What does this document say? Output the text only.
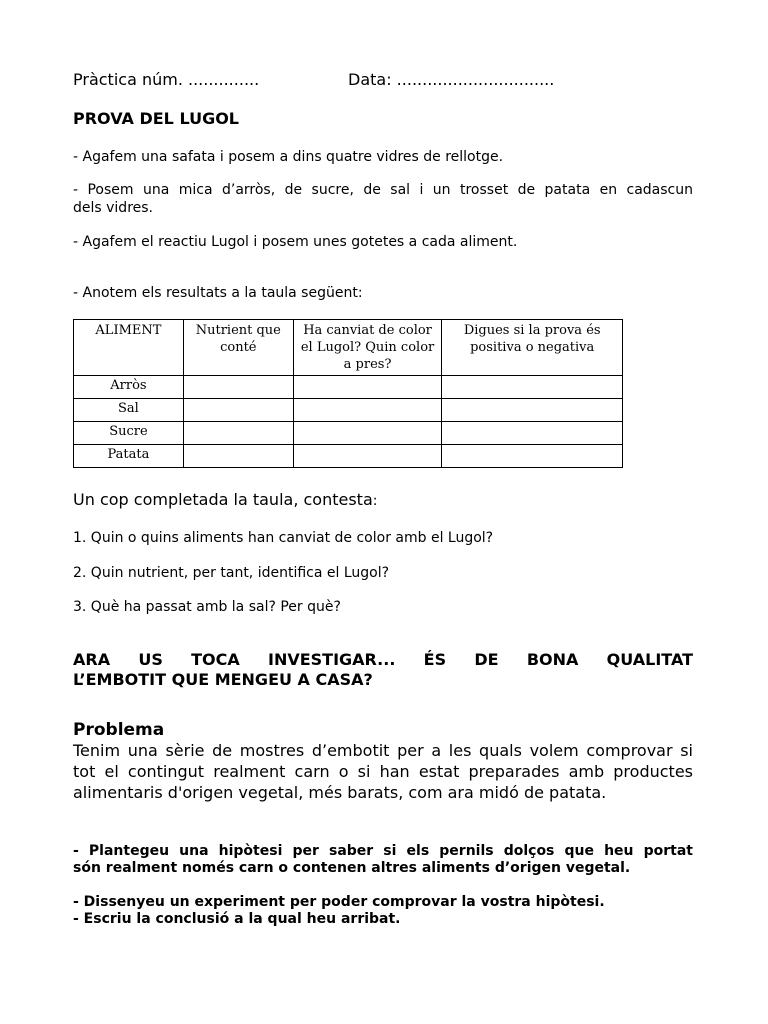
Pràctica núm. ..............	Data: ...............................
PROVA DEL LUGOL
- Agafem una safata i posem a dins quatre vidres de rellotge.
- Posem una mica d’arròs, de sucre, de sal i un trosset de patata en cadascun
dels vidres.
- Agafem el reactiu Lugol i posem unes gotetes a cada aliment.
- Anotem els resultats a la taula següent:
ALIMENT	Nutrient que conté	Ha canviat de color el Lugol? Quin color a pres?	Digues si la prova és positiva o negativa
Arròs			
Sal			
Sucre			
Patata			
Un cop completada la taula, contesta:
1. Quin o quins aliments han canviat de color amb el Lugol?
2. Quin nutrient, per tant, identifica el Lugol?
3. Què ha passat amb la sal? Per què?
ARA US TOCA INVESTIGAR... ÉS DE BONA QUALITAT
L’EMBOTIT QUE MENGEU A CASA?
Problema
Tenim una sèrie de mostres d’embotit per a les quals volem comprovar si
tot el contingut realment carn o si han estat preparades amb productes
alimentaris d'origen vegetal, més barats, com ara midó de patata.
- Plantegeu una hipòtesi per saber si els pernils dolços que heu portat
són realment només carn o contenen altres aliments d’origen vegetal.
- Dissenyeu un experiment per poder comprovar la vostra hipòtesi.
- Escriu la conclusió a la qual heu arribat.
